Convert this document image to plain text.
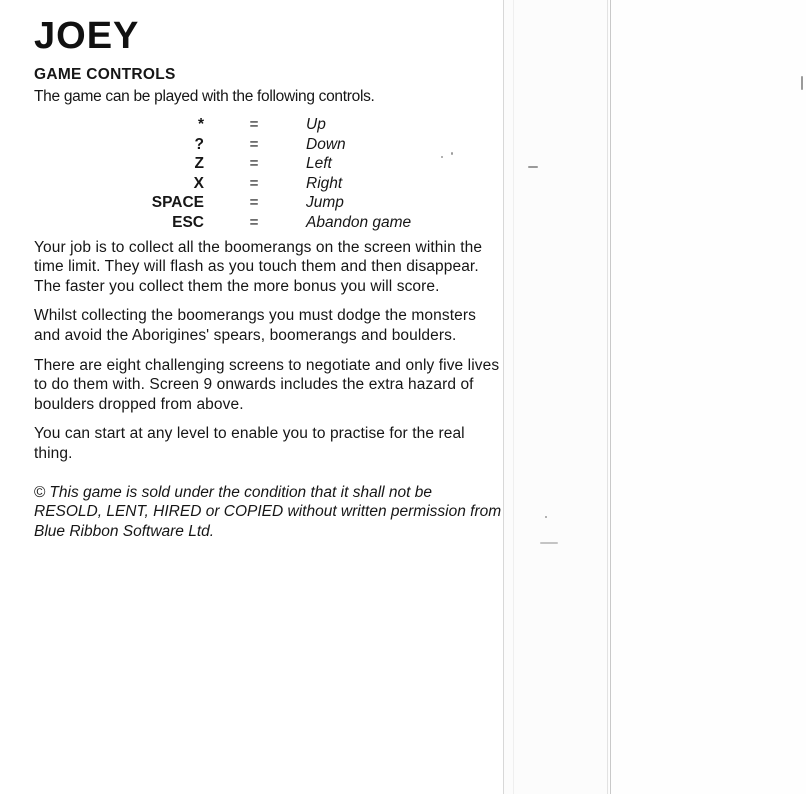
JOEY
GAME CONTROLS

The game can be played with the following controls.

*	=	Up
?	=	Down
Z	=	Left
X	=	Right
SPACE	=	Jump
ESC	=	Abandon game

Your job is to collect all the boomerangs on the screen within the time limit. They will flash as you touch them and then disappear. The faster you collect them the more bonus you will score.

Whilst collecting the boomerangs you must dodge the monsters and avoid the Aborigines' spears, boomerangs and boulders.

There are eight challenging screens to negotiate and only five lives to do them with. Screen 9 onwards includes the extra hazard of boulders dropped from above.

You can start at any level to enable you to practise for the real thing.

© This game is sold under the condition that it shall not be RESOLD, LENT, HIRED or COPIED without written permission from Blue Ribbon Software Ltd.
